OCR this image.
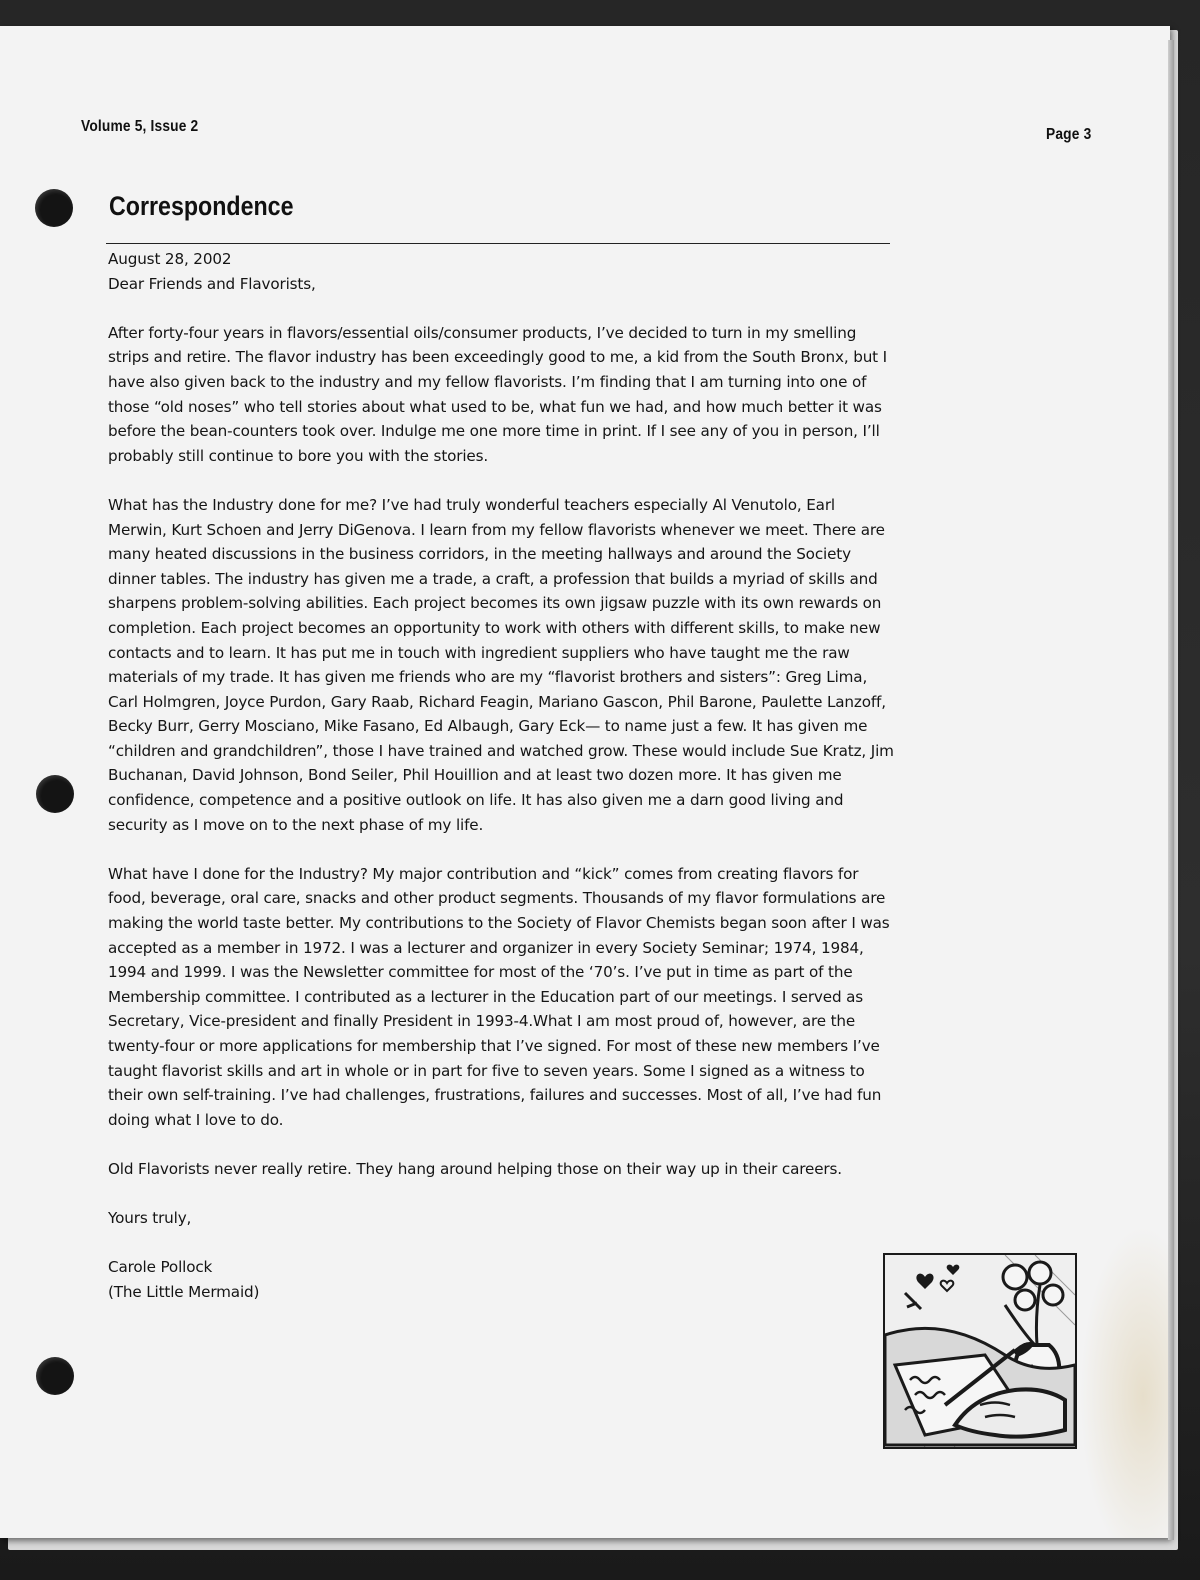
Volume 5, Issue 2	Page 3
Correspondence

August 28, 2002

Dear Friends and Flavorists,

After forty-four years in flavors/essential oils/consumer products, I’ve decided to turn in my smelling strips and retire. The flavor industry has been exceedingly good to me, a kid from the South Bronx, but I have also given back to the industry and my fellow flavorists. I’m finding that I am turning into one of those “old noses” who tell stories about what used to be, what fun we had, and how much better it was before the bean-counters took over. Indulge me one more time in print. If I see any of you in person, I’ll probably still continue to bore you with the stories.

What has the Industry done for me? I’ve had truly wonderful teachers especially Al Venutolo, Earl Merwin, Kurt Schoen and Jerry DiGenova. I learn from my fellow flavorists whenever we meet. There are many heated discussions in the business corridors, in the meeting hallways and around the Society dinner tables. The industry has given me a trade, a craft, a profession that builds a myriad of skills and sharpens problem-solving abilities. Each project becomes its own jigsaw puzzle with its own rewards on completion. Each project becomes an opportunity to work with others with different skills, to make new contacts and to learn. It has put me in touch with ingredient suppliers who have taught me the raw materials of my trade. It has given me friends who are my “flavorist brothers and sisters”: Greg Lima, Carl Holmgren, Joyce Purdon, Gary Raab, Richard Feagin, Mariano Gascon, Phil Barone, Paulette Lanzoff, Becky Burr, Gerry Mosciano, Mike Fasano, Ed Albaugh, Gary Eck— to name just a few. It has given me “children and grandchildren”, those I have trained and watched grow. These would include Sue Kratz, Jim Buchanan, David Johnson, Bond Seiler, Phil Houillion and at least two dozen more. It has given me confidence, competence and a positive outlook on life. It has also given me a darn good living and security as I move on to the next phase of my life.

What have I done for the Industry? My major contribution and “kick” comes from creating flavors for food, beverage, oral care, snacks and other product segments. Thousands of my flavor formulations are making the world taste better. My contributions to the Society of Flavor Chemists began soon after I was accepted as a member in 1972. I was a lecturer and organizer in every Society Seminar; 1974, 1984, 1994 and 1999. I was the Newsletter committee for most of the ‘70’s. I’ve put in time as part of the Membership committee. I contributed as a lecturer in the Education part of our meetings. I served as Secretary, Vice-president and finally President in 1993-4.What I am most proud of, however, are the twenty-four or more applications for membership that I’ve signed. For most of these new members I’ve taught flavorist skills and art in whole or in part for five to seven years. Some I signed as a witness to their own self-training. I’ve had challenges, frustrations, failures and successes. Most of all, I’ve had fun doing what I love to do.

Old Flavorists never really retire. They hang around helping those on their way up in their careers.

Yours truly,

Carole Pollock

(The Little Mermaid)
